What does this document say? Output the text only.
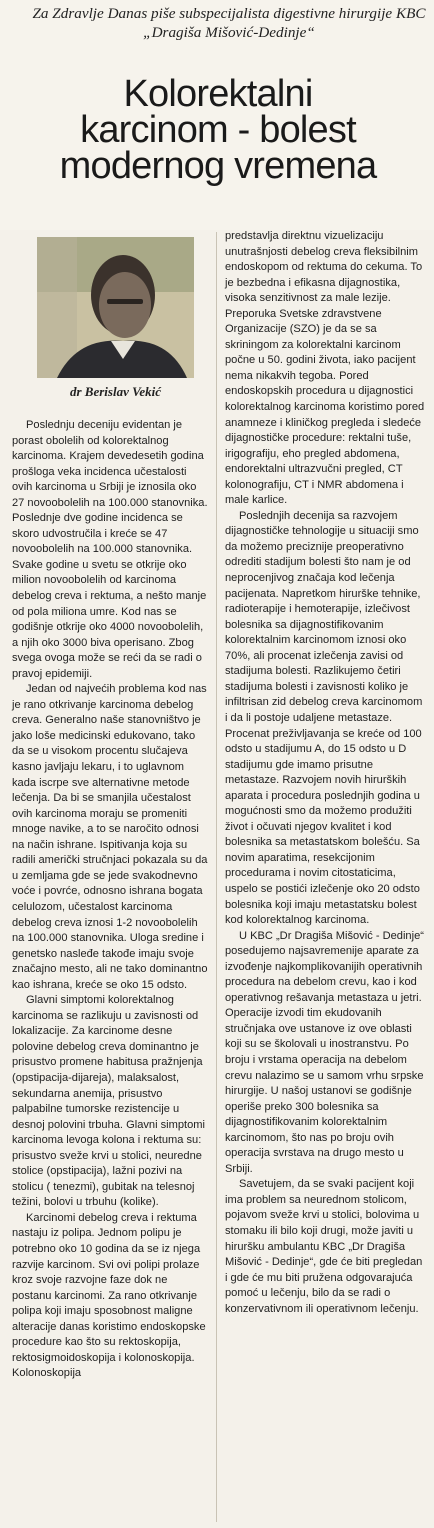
Za Zdravlje Danas piše subspecijalista digestivne hirurgije KBC „Dragiša Mišović-Dedinje“
Kolorektalni
karcinom - bolest
modernog vremena
dr Berislav Vekić

Poslednju deceniju evidentan je porast obolelih od kolorektalnog karcinoma. Krajem devedesetih godina prošloga veka incidenca učestalosti ovih karcinoma u Srbiji je iznosila oko 27 novoobolelih na 100.000 stanovnika. Poslednje dve godine incidenca se skoro udvostručila i kreće se 47 novoobolelih na 100.000 stanovnika. Svake godine u svetu se otkrije oko milion novoobolelih od karcinoma debelog creva i rektuma, a nešto manje od pola miliona umre. Kod nas se godišnje otkrije oko 4000 novoobolelih, a njih oko 3000 biva operisano. Zbog svega ovoga može se reći da se radi o pravoj epidemiji.

Jedan od najvećih problema kod nas je rano otkrivanje karcinoma debelog creva. Generalno naše stanovništvo je jako loše medicinski edukovano, tako da se u visokom procentu slučajeva kasno javljaju lekaru, i to uglavnom kada iscrpe sve alternativne metode lečenja. Da bi se smanjila učestalost ovih karcinoma moraju se promeniti mnoge navike, a to se naročito odnosi na način ishrane. Ispitivanja koja su radili američki stručnjaci pokazala su da u zemljama gde se jede svakodnevno voće i povrće, odnosno ishrana bogata celulozom, učestalost karcinoma debelog creva iznosi 1-2 novoobolelih na 100.000 stanovnika. Uloga sredine i genetsko nasleđe takođe imaju svoje značajno mesto, ali ne tako dominantno kao ishrana, kreće se oko 15 odsto.

Glavni simptomi kolorektalnog karcinoma se razlikuju u zavisnosti od lokalizacije. Za karcinome desne polovine debelog creva dominantno je prisustvo promene habitusa pražnjenja (opstipacija-dijareja), malaksalost, sekundarna anemija, prisustvo palpabilne tumorske rezistencije u desnoj polovini trbuha. Glavni simptomi karcinoma levoga kolona i rektuma su: prisustvo sveže krvi u stolici, neuredne stolice (opstipacija), lažni pozivi na stolicu ( tenezmi), gubitak na telesnoj težini, bolovi u trbuhu (kolike).

Karcinomi debelog creva i rektuma nastaju iz polipa. Jednom polipu je potrebno oko 10 godina da se iz njega razvije karcinom. Svi ovi polipi prolaze kroz svoje razvojne faze dok ne postanu karcinomi. Za rano otkrivanje polipa koji imaju sposobnost maligne alteracije danas koristimo endoskopske procedure kao što su rektoskopija, rektosigmoidoskopija i kolonoskopija. Kolonoskopija

predstavlja direktnu vizuelizaciju unutrašnjosti debelog creva fleksibilnim endoskopom od rektuma do cekuma. To je bezbedna i efikasna dijagnostika, visoka senzitivnost za male lezije. Preporuka Svetske zdravstvene Organizacije (SZO) je da se sa skriningom za kolorektalni karcinom počne u 50. godini života, iako pacijent nema nikakvih tegoba. Pored endoskopskih procedura u dijagnostici kolorektalnog karcinoma koristimo pored anamneze i kliničkog pregleda i sledeće dijagnostičke procedure: rektalni tuše, irigografiju, eho pregled abdomena, endorektalni ultrazvučni pregled, CT kolonografiju, CT i NMR abdomena i male karlice.

Poslednjih decenija sa razvojem dijagnostičke tehnologije u situaciji smo da možemo preciznije preoperativno odrediti stadijum bolesti što nam je od neprocenjivog značaja kod lečenja pacijenata. Napretkom hirurške tehnike, radioterapije i hemoterapije, izlečivost bolesnika sa dijagnostifikovanim kolorektalnim karcinomom iznosi oko 70%, ali procenat izlečenja zavisi od stadijuma bolesti. Razlikujemo četiri stadijuma bolesti i zavisnosti koliko je infiltrisan zid debelog creva karcinomom i da li postoje udaljene metastaze. Procenat preživljavanja se kreće od 100 odsto u stadijumu A, do 15 odsto u D stadijumu gde imamo prisutne metastaze. Razvojem novih hirurških aparata i procedura poslednjih godina u mogućnosti smo da možemo produžiti život i očuvati njegov kvalitet i kod bolesnika sa metastatskom bolešću. Sa novim aparatima, resekcijonim procedurama i novim citostaticima, uspelo se postići izlečenje oko 20 odsto bolesnika koji imaju metastatsku bolest kod kolorektalnog karcinoma.

U KBC „Dr Dragiša Mišović - Dedinje“ posedujemo najsavremenije aparate za izvođenje najkomplikovanijih operativnih procedura na debelom crevu, kao i kod operativnog rešavanja metastaza u jetri. Operacije izvodi tim ekudovanih stručnjaka ove ustanove iz ove oblasti koji su se školovali u inostranstvu. Po broju i vrstama operacija na debelom crevu nalazimo se u samom vrhu srpske hirurgije. U našoj ustanovi se godišnje operiše preko 300 bolesnika sa dijagnostifikovanim kolorektalnim karcinomom, što nas po broju ovih operacija svrstava na drugo mesto u Srbiji.

Savetujem, da se svaki pacijent koji ima problem sa neurednom stolicom, pojavom sveže krvi u stolici, bolovima u stomaku ili bilo koji drugi, može javiti u hiruršku ambulantu KBC „Dr Dragiša Mišović - Dedinje“, gde će biti pregledan i gde će mu biti pružena odgovarajuća pomoć u lečenju, bilo da se radi o konzervativnom ili operativnom lečenju.
